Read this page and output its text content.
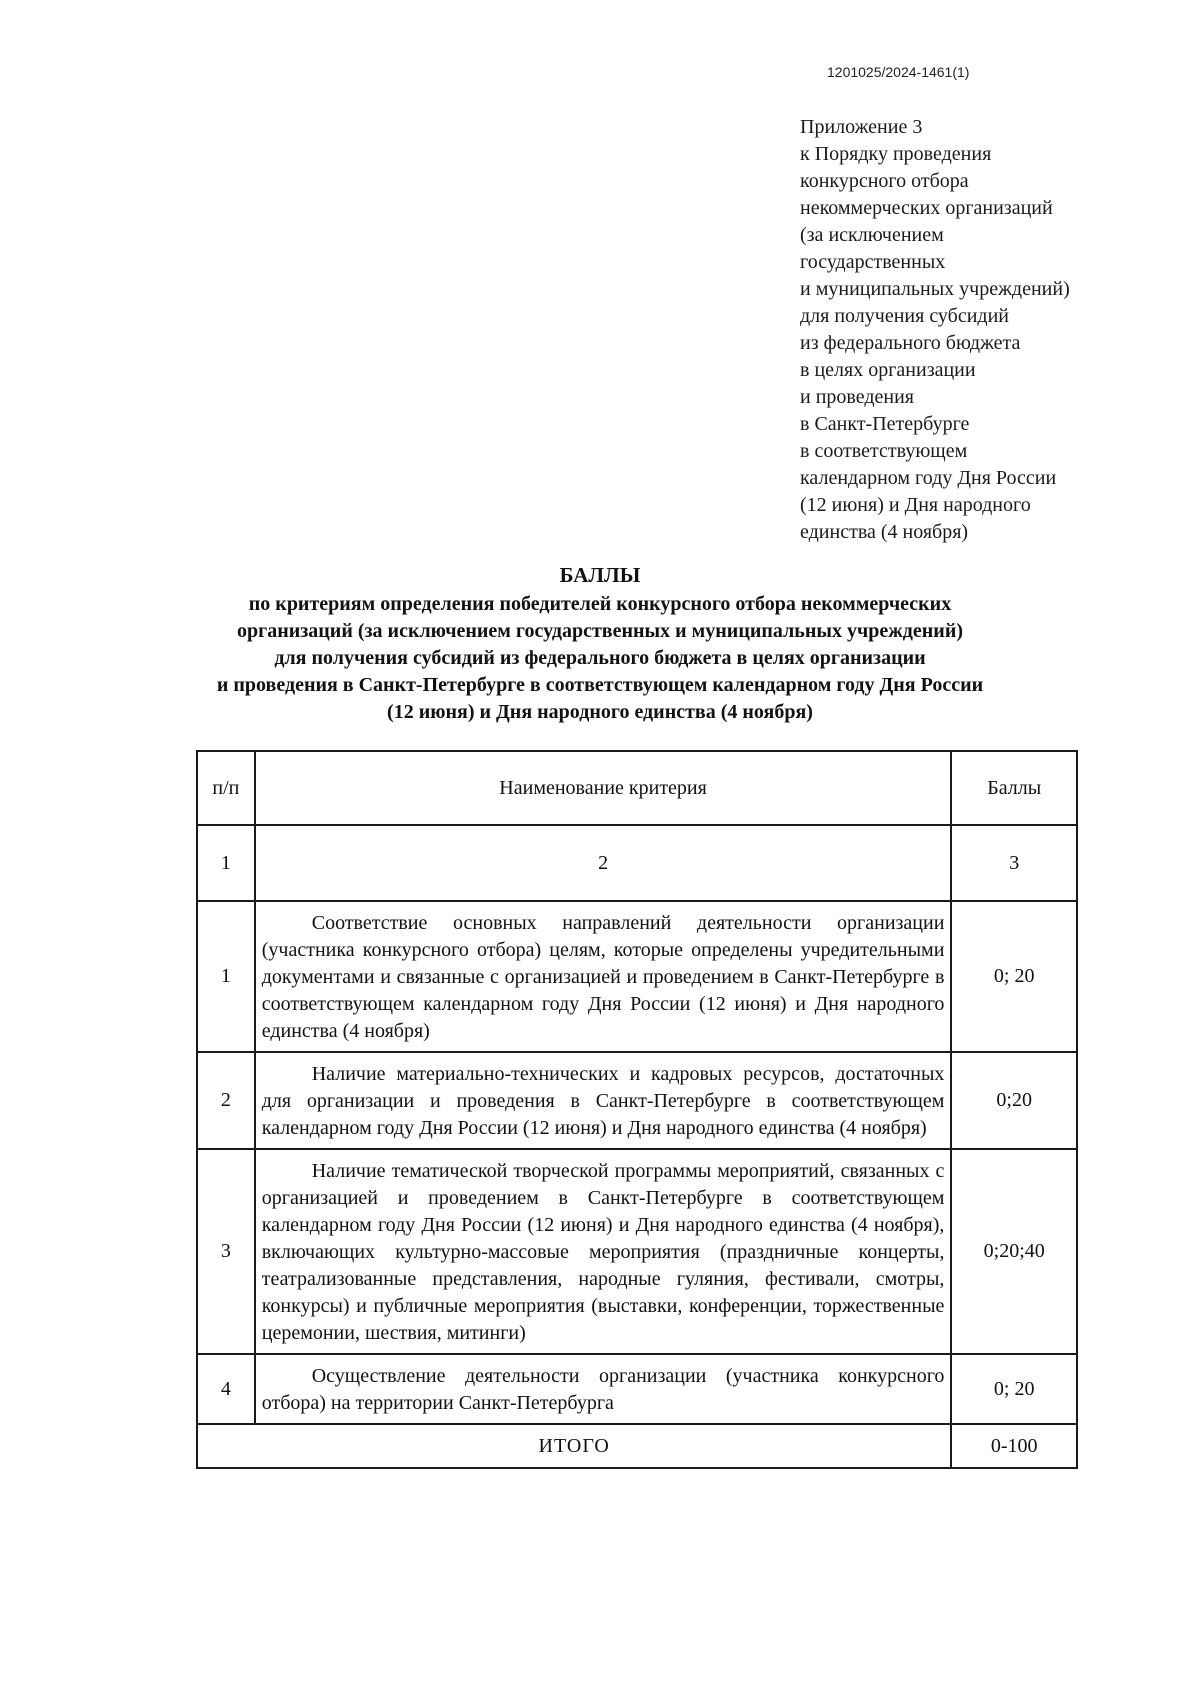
1201025/2024-1461(1)
Приложение 3
к Порядку проведения
конкурсного отбора
некоммерческих организаций
(за исключением
государственных
и муниципальных учреждений)
для получения субсидий
из федерального бюджета
в целях организации
и проведения
в Санкт-Петербурге
в соответствующем
календарном году Дня России
(12 июня) и Дня народного
единства (4 ноября)
БАЛЛЫ
по критериям определения победителей конкурсного отбора некоммерческих
организаций (за исключением государственных и муниципальных учреждений)
для получения субсидий из федерального бюджета в целях организации
и проведения в Санкт-Петербурге в соответствующем календарном году Дня России
(12 июня) и Дня народного единства (4 ноября)
п/п	Наименование критерия	Баллы
1	2	3
1	Соответствие основных направлений деятельности организации (участника конкурсного отбора) целям, которые определены учредительными документами и связанные с организацией и проведением в Санкт-Петербурге в соответствующем календарном году Дня России (12 июня) и Дня народного единства (4 ноября)	0; 20
2	Наличие материально-технических и кадровых ресурсов, достаточных для организации и проведения в Санкт-Петербурге в соответствующем календарном году Дня России (12 июня) и Дня народного единства (4 ноября)	0;20
3	Наличие тематической творческой программы мероприятий, связанных с организацией и проведением в Санкт-Петербурге в соответствующем календарном году Дня России (12 июня) и Дня народного единства (4 ноября), включающих культурно-массовые мероприятия (праздничные концерты, театрализованные представления, народные гуляния, фестивали, смотры, конкурсы) и публичные мероприятия (выставки, конференции, торжественные церемонии, шествия, митинги)	0;20;40
4	Осуществление деятельности организации (участника конкурсного отбора) на территории Санкт-Петербурга	0; 20
ИТОГО		0-100
